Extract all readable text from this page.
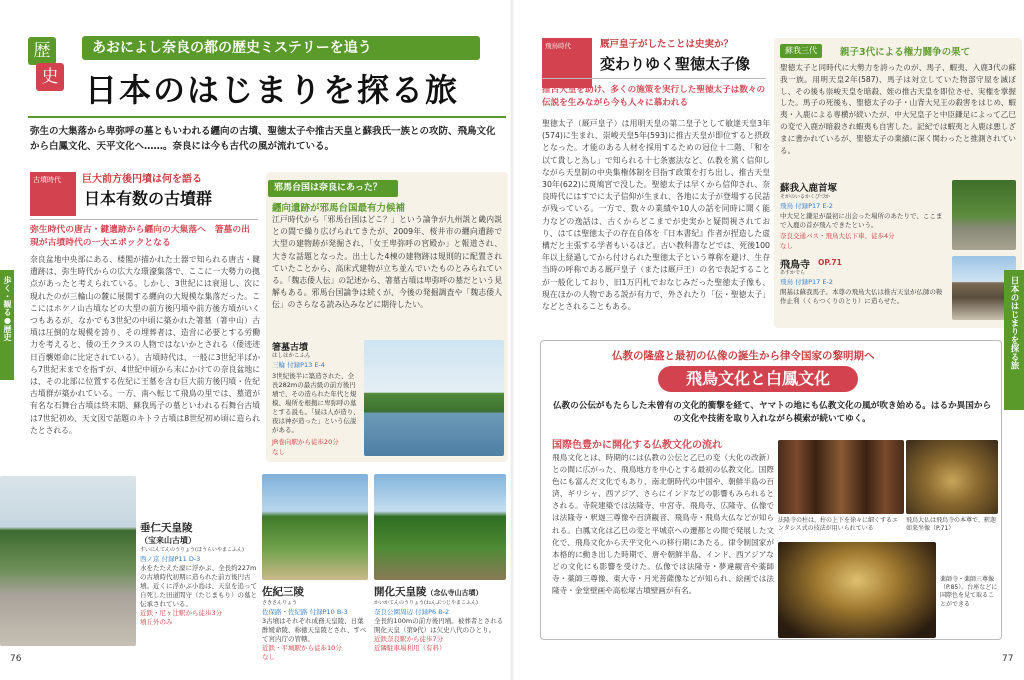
歴
史
あおによし奈良の都の歴史ミステリーを追う
日本のはじまりを探る旅
弥生の大集落から卑弥呼の墓ともいわれる纒向の古墳、聖徳太子や推古天皇と蘇我氏一族との攻防、飛鳥文化から白鳳文化、天平文化へ……。奈良には今も古代の風が流れている。
古墳時代	巨大前方後円墳は何を語る
日本有数の古墳群
弥生時代の唐古・鍵遺跡から纒向の大集落へ　箸墓の出現が古墳時代の一大エポックとなる
奈良盆地中央部にある、楼閣が描かれた土器で知られる唐古・鍵遺跡は、弥生時代からの広大な環濠集落で、ここに一大勢力の拠点があったと考えられている。しかし、3世紀には衰退し、次に現れたのが三輪山の麓に展開する纒向の大規模な集落だった。ここにはホケノ山古墳などの大型の前方後円墳や前方後方墳がいくつもあるが、なかでも3世紀の中頃に築かれた箸墓（箸中山）古墳は圧倒的な規模を誇り、その埋葬者は、造営に必要とする労働力を考えると、倭の王クラスの人物ではないかとされる（倭迹迹日百襲姫命に比定されている）。古墳時代は、一般に3世紀半ばから7世紀末までを指すが、4世紀中頃から末にかけての奈良盆地には、その北部に位置する佐紀に王墓を含む巨大前方後円墳・佐紀古墳群が築かれている。一方、南へ転じて飛鳥の里では、墓道が有名な石舞台古墳は終末期、蘇我馬子の墓といわれる石舞台古墳は7世紀初め、天文図で話題のキトラ古墳は8世紀初め頃に造られたとされる。
邪馬台国は奈良にあった？
纒向遺跡が邪馬台国最有力候補
江戸時代から「邪馬台国はどこ？」という論争が九州説と畿内説との間で繰り広げられてきたが、2009年、桜井市の纒向遺跡で大型の建物跡が発掘され、「女王卑弥呼の宮殿か」と報道され、大きな話題となった。出土した4棟の建物跡は規則的に配置されていたことから、高床式建物が立ち並んでいたものとみられている。「魏志倭人伝」の記述から、箸墓古墳は卑弥呼の墓だという見解もある。邪馬台国論争は続くが、今後の発掘調査や「魏志倭人伝」のさらなる読み込みなどに期待したい。
箸墓古墳
はしはかこふん
三輪 付録P13 E-4
3世紀後半に築造された、全長282mの最古級の前方後円墳で、その造られた年代と規模、場所を根拠に卑弥呼の墓とする説も。「昼は人が造り、夜は神が造った」という伝説がある。
JR巻向駅から徒歩20分
なし
歩く・観る●歴史
垂仁天皇陵
（宝来山古墳）
すいにんてんのうりょう(ほうらいやまこふん)
西ノ京 付録P11 D-3
水をたたえた濠に浮かぶ、全長約227mの古墳時代初期に造られた前方後円古墳。近くに浮かぶ小島は、天皇を追って自死した田道間守（たじまもり）の墓と伝承されている。
近鉄・尼ヶ辻駅から徒歩3分
墳丘外のみ
佐紀三陵
さきさんりょう
佐保路・佐紀路 付録P10 B-3
3古墳はそれぞれ成務天皇陵、日葉酢媛命陵、称徳天皇陵とされ、すべて宮内庁の管轄。
近鉄・平城駅から徒歩10分
なし
開化天皇陵（念仏寺山古墳）
かいかてんのうりょう(ねんぶつじやまこふん)
奈良公園周辺 付録P6 B-2
全長約100mの前方後円墳。被葬者とされる開化天皇（第9代）は欠史八代のひとり。
近鉄奈良駅から徒歩7分
近隣駐車場利用（有料）
76
飛鳥時代	厩戸皇子がしたことは史実か？
変わりゆく聖徳太子像
推古天皇を助け、多くの施策を実行した聖徳太子は数々の伝説を生みながら今も人々に慕われる
聖徳太子（厩戸皇子）は用明天皇の第二皇子として敏達天皇3年(574)に生まれ、崇峻天皇5年(593)に推古天皇が即位すると摂政となった。才能のある人材を採用するための冠位十二階、「和を以て貴しと為し」で知られる十七条憲法など、仏教を篤く信仰しながら天皇制の中央集権体制を目指す政策を打ち出し、推古天皇30年(622)に斑鳩宮で没した。聖徳太子は早くから信仰され、奈良時代にはすでに太子信仰が生まれ、各地に太子が登場する民話が残っている。一方で、数々の業績や10人の話を同時に聞く能力などの逸話は、古くからどこまでが史実かと疑問視されており、はては聖徳太子の存在自体を『日本書紀』作者が捏造した虚構だと主張する学者もいるほど。古い教科書などでは、死後100年以上経過してから付けられた聖徳太子という尊称を避け、生存当時の呼称である厩戸皇子（または厩戸王）の名で表記することが一般化しており、旧1万円札でおなじみだった聖徳太子像も、現在ほかの人物である説が有力で、外されたり「伝・聖徳太子」などとされることもある。
蘇我三代	親子3代による権力闘争の果て
聖徳太子と同時代に大勢力を誇ったのが、馬子、蝦夷、入鹿3代の蘇我一族。用明天皇2年(587)、馬子は対立していた物部守屋を滅ぼし、その後も崇峻天皇を暗殺、姪の推古天皇を即位させ、実権を掌握した。馬子の死後も、聖徳太子の子・山背大兄王の殺害をはじめ、蝦夷・入鹿による専横が続いたが、中大兄皇子と中臣鎌足によって乙巳の変で入鹿が暗殺され蝦夷も自害した。記紀では蝦夷と入鹿は悪しざまに書かれているが、聖徳太子の業績に深く関わったと推測されている。
蘇我入鹿首塚
そがのいるかくびづか
飛鳥 付録P17 E-2
中大兄と鎌足が最初に出会った場所のあたりで、ここまで入鹿の首が飛んできたという。
奈良交通バス・飛鳥大仏下車、徒歩4分
なし
飛鳥寺 OP.71
あすかでら
飛鳥 付録P17 E-2
開基は蘇我馬子。本尊の飛鳥大仏は推古天皇が仏師の鞍作止利（くらつくりのとり）に造らせた。	日本のはじまりを探る旅
仏教の隆盛と最初の仏像の誕生から律令国家の黎明期へ
飛鳥文化と白鳳文化
仏教の公伝がもたらした未曾有の文化的衝撃を経て、ヤマトの地にも仏教文化の風が吹き始める。はるか異国からの文化や技術を取り入れながら模索が続いてゆく。
国際色豊かに開化する仏教文化の流れ
飛鳥文化とは、時期的には仏教の公伝と乙巳の変（大化の改新）との間に広がった、飛鳥地方を中心とする最初の仏教文化。国際色にも富んだ文化でもあり、南北朝時代の中国や、朝鮮半島の百済、ギリシャ、西アジア、さらにインドなどの影響もみられるとされる。寺院建築では法隆寺、中宮寺、飛鳥寺、広隆寺、仏像では法隆寺・釈迦三尊像や百済観音、飛鳥寺・飛鳥大仏などが知られる。白鳳文化は乙巳の変と平城京への遷都との間で発展した文化で、飛鳥文化から天平文化への移行期にあたる。律令制国家が本格的に動き出した時期で、唐や朝鮮半島、インド、西アジアなどの文化にも影響を受けた。仏像では法隆寺・夢違観音や薬師寺・薬師三尊像、東大寺・月光菩薩像などが知られ、絵画では法隆寺・金堂壁画や高松塚古墳壁画が有名。
法隆寺の柱は、柱の上下を徐々に細くするエンタシス式の技法が用いられている
飛鳥大仏は飛鳥寺の本尊で、釈迦如来坐像（P.71）
薬師寺・薬師三尊像（P.85）。台座などに国際色を見て取ることができる
77
